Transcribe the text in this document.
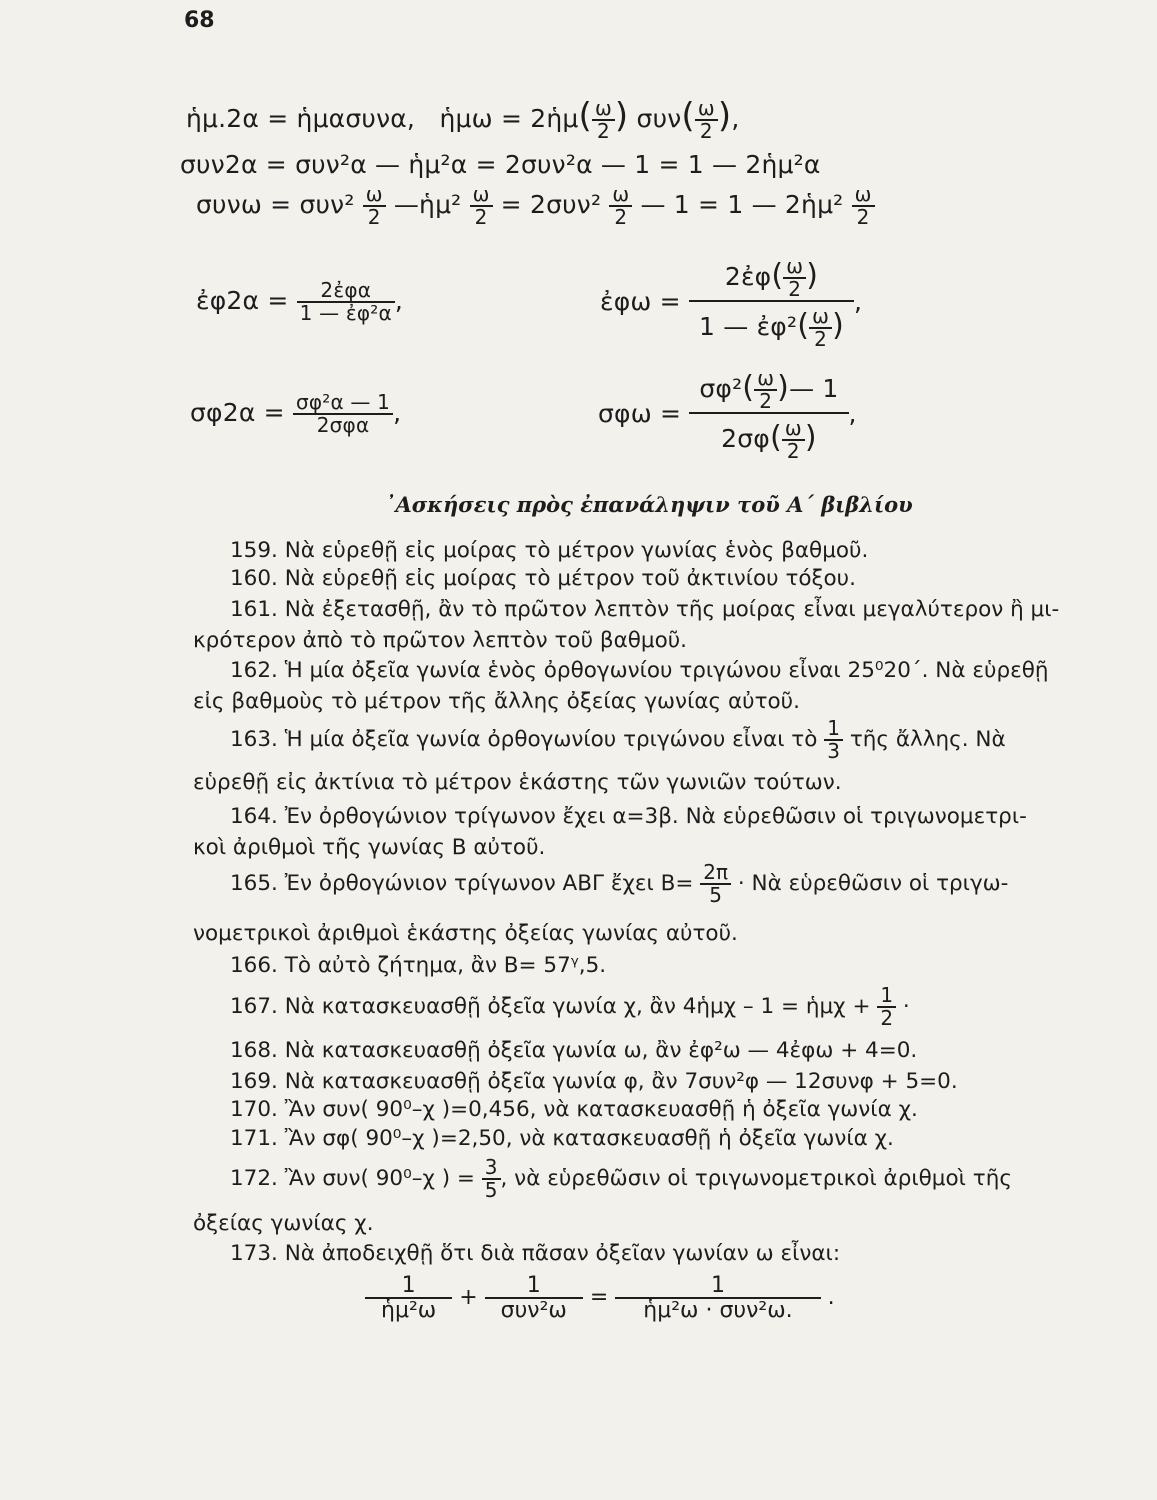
68
ἡμ.2α = ἡμασυνα, ἡμω = 2ἡμ( $\frac{\omega}{2}$ ) $\sigma\upsilon\nu( \frac{\omega}{2}$ ),
συν2α = συν²α — ἡμ²α = 2συν²α — 1 = 1 — 2ἡμ²α
$\sigma\upsilon\nu\omega = \sigma\upsilon\nu^2 \frac{\omega}{2}$ —ἡμ² $\frac{\omega}{2} = 2\sigma\upsilon\nu^2 \frac{\omega}{2}$ — 1 = 1 — 2ἡμ² $\frac{\omega}{2}$
ἐφ2α = $\frac{\text{2ἐφα}}{\text{1 — ἐφ²α}}$ ,	ἐφω = $\frac{2ἐ\varphi( \frac{\omega}{2} )}{1 — ἐ\varphi^2( \frac{\omega}{2} )}$ ,
$\sigma\varphi 2\alpha = \frac{\text{σφ²α — 1}}{\text{2σφα}}$ ,	$\sigma\varphi\omega = \frac{\sigma\varphi^2( \frac{\omega}{2} )— 1}{2\sigma\varphi( \frac{\omega}{2} )}$ ,
᾿Ασκήσεις πρὸς ἐπανάληψιν τοῦ Α΄ βιβλίου
159. Νὰ εὑρεθῇ εἰς μοίρας τὸ μέτρον γωνίας ἑνὸς βαθμοῦ.
160. Νὰ εὑρεθῇ εἰς μοίρας τὸ μέτρον τοῦ ἀκτινίου τόξου.
161. Νὰ ἐξετασθῇ, ἂν τὸ πρῶτον λεπτὸν τῆς μοίρας εἶναι μεγαλύτερον ἢ μι-
κρότερον ἀπὸ τὸ πρῶτον λεπτὸν τοῦ βαθμοῦ.
162. Ἡ μία ὀξεῖα γωνία ἑνὸς ὀρθογωνίου τριγώνου εἶναι 25⁰20΄. Νὰ εὑρεθῇ
εἰς βαθμοὺς τὸ μέτρον τῆς ἄλλης ὀξείας γωνίας αὐτοῦ.
163. Ἡ μία ὀξεῖα γωνία ὀρθογωνίου τριγώνου εἶναι τὸ $\frac{1}{3}$ τῆς ἄλλης. Νὰ
εὑρεθῇ εἰς ἀκτίνια τὸ μέτρον ἑκάστης τῶν γωνιῶν τούτων.
164. Ἐν ὀρθογώνιον τρίγωνον ἔχει α=3β. Νὰ εὑρεθῶσιν οἱ τριγωνομετρι-
κοὶ ἀριθμοὶ τῆς γωνίας Β αὐτοῦ.
165. Ἐν ὀρθογώνιον τρίγωνον ΑΒΓ ἔχει $B= \frac{2\pi}{5}$ · Νὰ εὑρεθῶσιν οἱ τριγω-
νομετρικοὶ ἀριθμοὶ ἑκάστης ὀξείας γωνίας αὐτοῦ.
166. Τὸ αὐτὸ ζήτημα, ἂν Β= 57ᵞ,5.
167. Νὰ κατασκευασθῇ ὀξεῖα γωνία χ, ἂν 4ἡμχ – 1 = ἡμχ + $\frac{1}{2}$ ·
168. Νὰ κατασκευασθῇ ὀξεῖα γωνία ω, ἂν ἐφ²ω — 4ἐφω + 4=0.
169. Νὰ κατασκευασθῇ ὀξεῖα γωνία φ, ἂν 7συν²φ — 12συνφ + 5=0.
170. Ἂν συν( 90⁰–χ )=0,456, νὰ κατασκευασθῇ ἡ ὀξεῖα γωνία χ.
171. Ἂν σφ( 90⁰–χ )=2,50, νὰ κατασκευασθῇ ἡ ὀξεῖα γωνία χ.
172. Ἂν συν( 90⁰–χ ) = $\frac{3}{5}$ , νὰ εὑρεθῶσιν οἱ τριγωνομετρικοὶ ἀριθμοὶ τῆς
ὀξείας γωνίας χ.
173. Νὰ ἀποδειχθῇ ὅτι διὰ πᾶσαν ὀξεῖαν γωνίαν ω εἶναι:
$\frac{1}{\text{ἡμ²ω}} + \frac{1}{\text{συν²ω}} = \frac{1}{\text{ἡμ²ω · συν²ω.}}$ .
